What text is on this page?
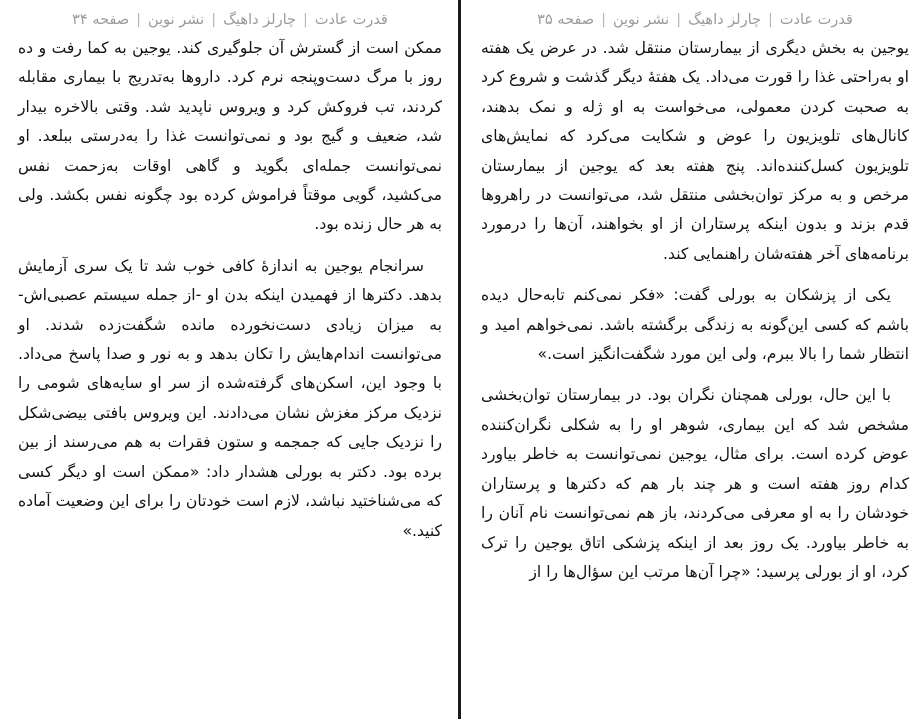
قدرت عادت|چارلز داهیگ|نشر نوین|صفحه ۳۵

یوجین به بخش دیگری از بیمارستان منتقل شد. در عرض یک هفته او به‌راحتی غذا را قورت می‌داد. یک هفتهٔ دیگر گذشت و شروع کرد به صحبت کردن معمولی، می‌خواست به او ژله و نمک بدهند، کانال‌های تلویزیون را عوض و شکایت می‌کرد که نمایش‌های تلویزیون کسل‌کننده‌اند. پنج هفته بعد که یوجین از بیمارستان مرخص و به مرکز توان‌بخشی منتقل شد، می‌توانست در راهروها قدم بزند و بدون اینکه پرستاران از او بخواهند، آن‌ها را درمورد برنامه‌های آخر هفته‌شان راهنمایی کند.

یکی از پزشکان به بورلی گفت: «فکر نمی‌کنم تابه‌حال دیده باشم که کسی این‌گونه به زندگی برگشته باشد. نمی‌خواهم امید و انتظار شما را بالا ببرم، ولی این مورد شگفت‌انگیز است.»

با این حال، بورلی همچنان نگران بود. در بیمارستان توان‌بخشی مشخص شد که این بیماری، شوهر او را به شکلی نگران‌کننده عوض کرده است. برای مثال، یوجین نمی‌توانست به خاطر بیاورد کدام روز هفته است و هر چند بار هم که دکترها و پرستاران خودشان را به او معرفی می‌کردند، باز هم نمی‌توانست نام آنان را به خاطر بیاورد. یک روز بعد از اینکه پزشکی اتاق یوجین را ترک کرد، او از بورلی پرسید: «چرا آن‌ها مرتب این سؤال‌ها را از

قدرت عادت|چارلز داهیگ|نشر نوین|صفحه ۳۴

ممکن است از گسترش آن جلوگیری کند. یوجین به کما رفت و ده روز با مرگ دست‌وپنجه نرم کرد. داروها به‌تدریج با بیماری مقابله کردند، تب فروکش کرد و ویروس ناپدید شد. وقتی بالاخره بیدار شد، ضعیف و گیج بود و نمی‌توانست غذا را به‌درستی ببلعد. او نمی‌توانست جمله‌ای بگوید و گاهی اوقات به‌زحمت نفس می‌کشید، گویی موقتاً فراموش کرده بود چگونه نفس بکشد. ولی به هر حال زنده بود.

سرانجام یوجین به اندازهٔ کافی خوب شد تا یک سری آزمایش بدهد. دکترها از فهمیدن اینکه بدن او -از جمله سیستم عصبی‌اش- به میزان زیادی دست‌نخورده مانده شگفت‌زده شدند. او می‌توانست اندام‌هایش را تکان بدهد و به نور و صدا پاسخ می‌داد. با وجود این، اسکن‌های گرفته‌شده از سر او سایه‌های شومی را نزدیک مرکز مغزش نشان می‌دادند. این ویروس بافتی بیضی‌شکل را نزدیک جایی که جمجمه و ستون فقرات به هم می‌رسند از بین برده بود. دکتر به بورلی هشدار داد: «ممکن است او دیگر کسی که می‌شناختید نباشد، لازم است خودتان را برای این وضعیت آماده کنید.»
